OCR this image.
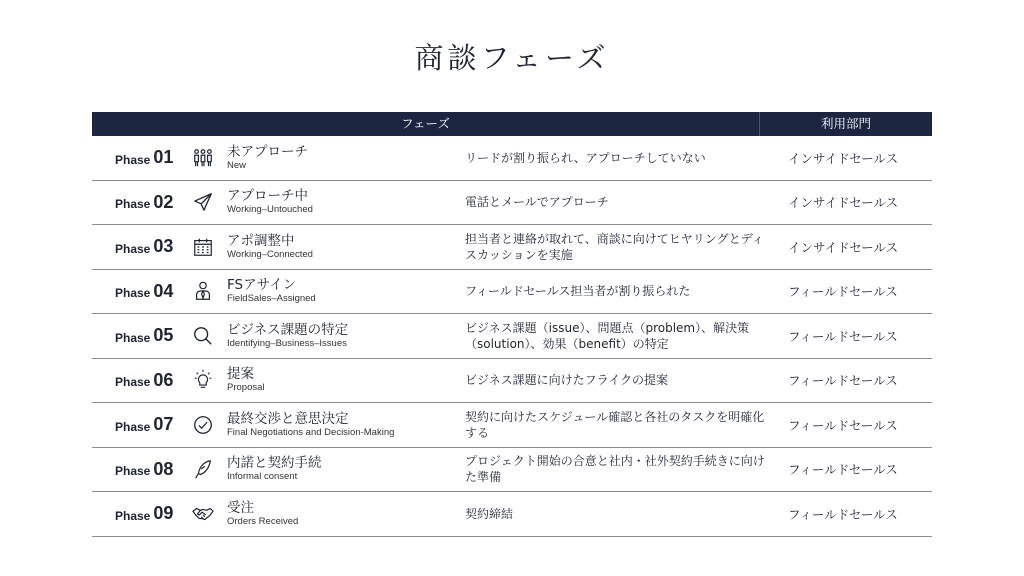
商談フェーズ
フェーズ	利用部門
Phase 01	未アプローチ
New
リードが割り振られ、アプローチしていない	インサイドセールス
Phase 02	アプローチ中
Working–Untouched
電話とメールでアプローチ	インサイドセールス
Phase 03	アポ調整中
Working–Connected
担当者と連絡が取れて、商談に向けてヒヤリングとディスカッションを実施	インサイドセールス
Phase 04	FSアサイン
FieldSales–Assigned
フィールドセールス担当者が割り振られた	フィールドセールス
Phase 05	ビジネス課題の特定
Identifying–Business–Issues
ビジネス課題（issue）、問題点（problem）、解決策（solution）、効果（benefit）の特定	フィールドセールス
Phase 06	提案
Proposal
ビジネス課題に向けたフライクの提案	フィールドセールス
Phase 07	最終交渉と意思決定
Final Negotiations and Decision-Making
契約に向けたスケジュール確認と各社のタスクを明確化する	フィールドセールス
Phase 08	内諾と契約手続
Informal consent
プロジェクト開始の合意と社内・社外契約手続きに向けた準備	フィールドセールス
Phase 09	受注
Orders Received
契約締結	フィールドセールス
